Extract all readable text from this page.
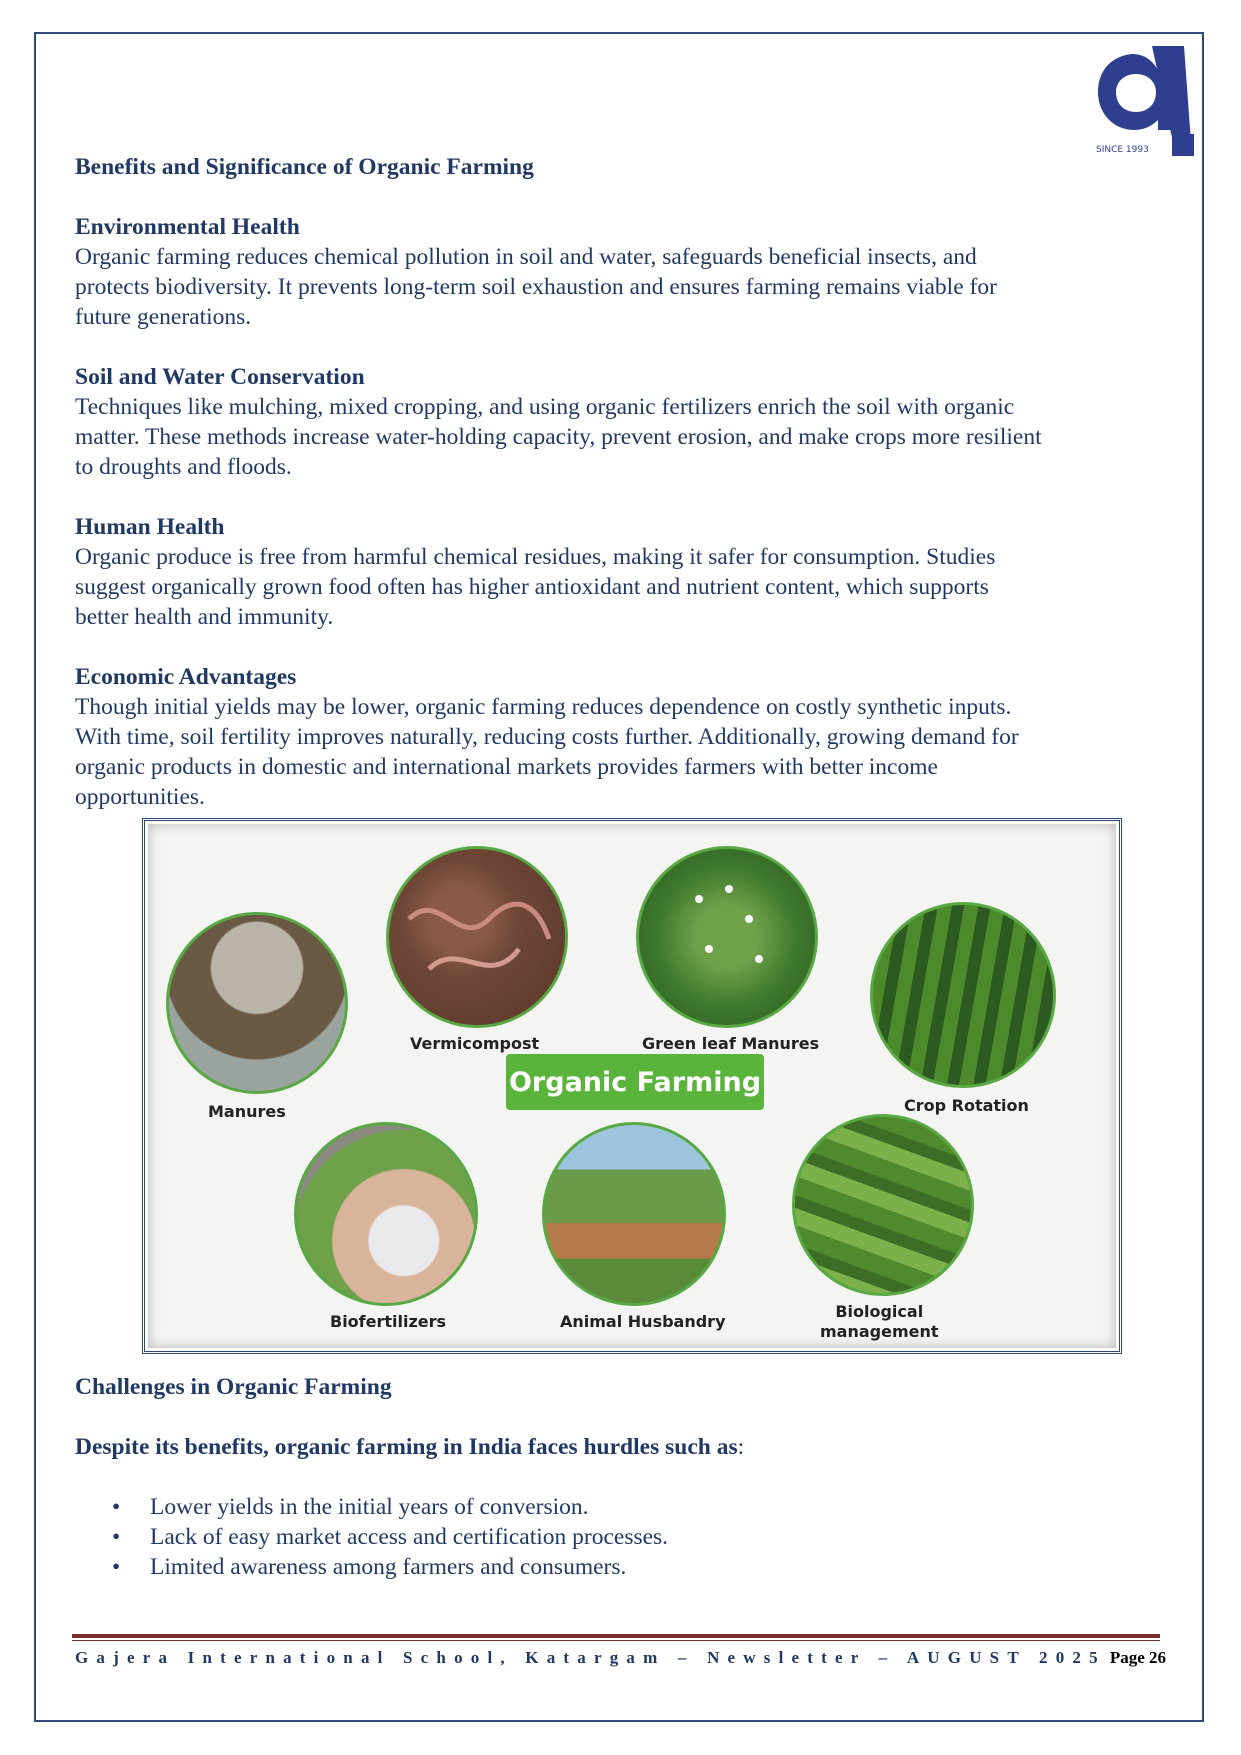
SINCE 1993

Benefits and Significance of Organic Farming

Environmental Health

Organic farming reduces chemical pollution in soil and water, safeguards beneficial insects, and

protects biodiversity. It prevents long-term soil exhaustion and ensures farming remains viable for

future generations.

Soil and Water Conservation

Techniques like mulching, mixed cropping, and using organic fertilizers enrich the soil with organic

matter. These methods increase water-holding capacity, prevent erosion, and make crops more resilient

to droughts and floods.

Human Health

Organic produce is free from harmful chemical residues, making it safer for consumption. Studies

suggest organically grown food often has higher antioxidant and nutrient content, which supports

better health and immunity.

Economic Advantages

Though initial yields may be lower, organic farming reduces dependence on costly synthetic inputs.

With time, soil fertility improves naturally, reducing costs further. Additionally, growing demand for

organic products in domestic and international markets provides farmers with better income

opportunities.

Manures
Vermicompost	Green leaf Manures
Crop Rotation
Organic Farming
Biofertilizers	Animal Husbandry
Biological
management

Challenges in Organic Farming

Despite its benefits, organic farming in India faces hurdles such as:

• Lower yields in the initial years of conversion.
• Lack of easy market access and certification processes.
• Limited awareness among farmers and consumers.
Gajera International School, Katargam – Newsletter – AUGUST 2025 Page 26
